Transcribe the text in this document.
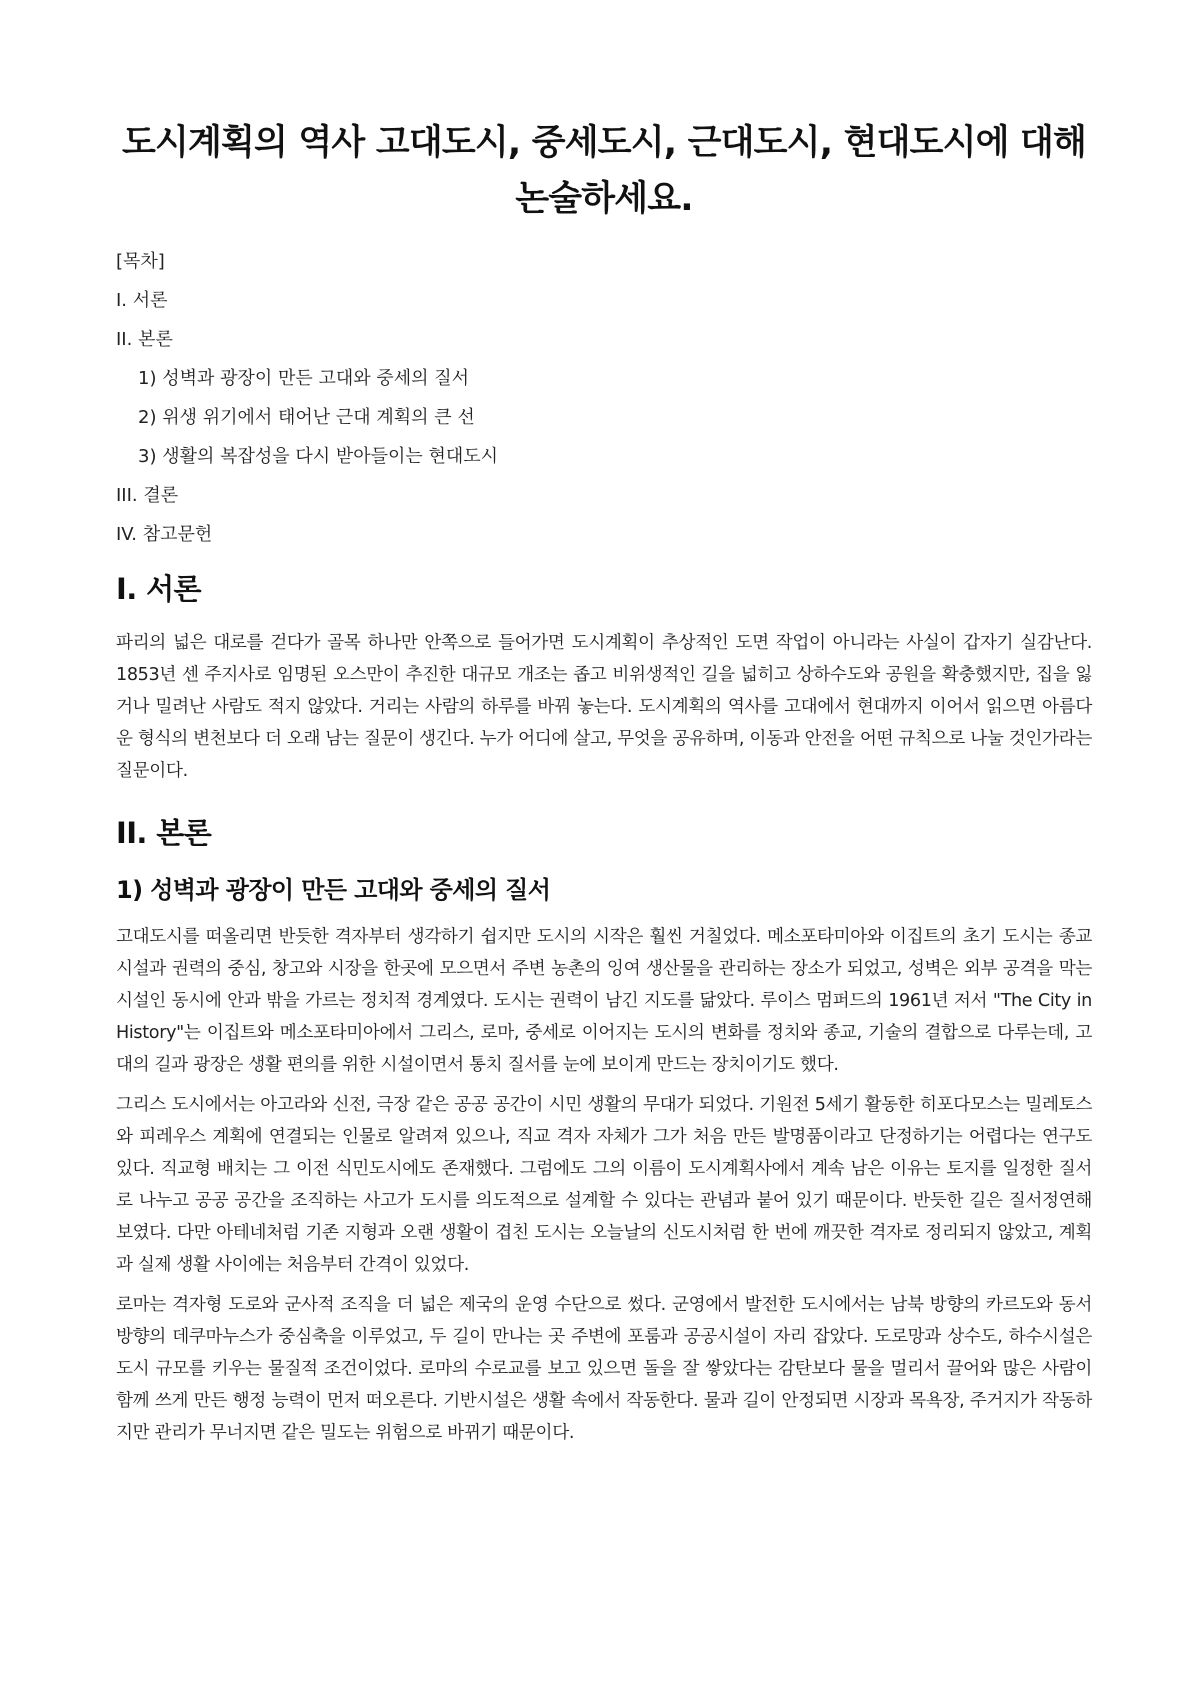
도시계획의 역사 고대도시, 중세도시, 근대도시, 현대도시에 대해 논술하세요.
[목차]
I. 서론
II. 본론
1) 성벽과 광장이 만든 고대와 중세의 질서
2) 위생 위기에서 태어난 근대 계획의 큰 선
3) 생활의 복잡성을 다시 받아들이는 현대도시
III. 결론
IV. 참고문헌
I. 서론

파리의 넓은 대로를 걷다가 골목 하나만 안쪽으로 들어가면 도시계획이 추상적인 도면 작업이 아니라는 사실이 갑자기 실감난다. 1853년 센 주지사로 임명된 오스만이 추진한 대규모 개조는 좁고 비위생적인 길을 넓히고 상하수도와 공원을 확충했지만, 집을 잃거나 밀려난 사람도 적지 않았다. 거리는 사람의 하루를 바꿔 놓는다. 도시계획의 역사를 고대에서 현대까지 이어서 읽으면 아름다운 형식의 변천보다 더 오래 남는 질문이 생긴다. 누가 어디에 살고, 무엇을 공유하며, 이동과 안전을 어떤 규칙으로 나눌 것인가라는 질문이다.

II. 본론
1) 성벽과 광장이 만든 고대와 중세의 질서

고대도시를 떠올리면 반듯한 격자부터 생각하기 쉽지만 도시의 시작은 훨씬 거칠었다. 메소포타미아와 이집트의 초기 도시는 종교 시설과 권력의 중심, 창고와 시장을 한곳에 모으면서 주변 농촌의 잉여 생산물을 관리하는 장소가 되었고, 성벽은 외부 공격을 막는 시설인 동시에 안과 밖을 가르는 정치적 경계였다. 도시는 권력이 남긴 지도를 닮았다. 루이스 멈퍼드의 1961년 저서 "The City in History"는 이집트와 메소포타미아에서 그리스, 로마, 중세로 이어지는 도시의 변화를 정치와 종교, 기술의 결합으로 다루는데, 고대의 길과 광장은 생활 편의를 위한 시설이면서 통치 질서를 눈에 보이게 만드는 장치이기도 했다.

그리스 도시에서는 아고라와 신전, 극장 같은 공공 공간이 시민 생활의 무대가 되었다. 기원전 5세기 활동한 히포다모스는 밀레토스와 피레우스 계획에 연결되는 인물로 알려져 있으나, 직교 격자 자체가 그가 처음 만든 발명품이라고 단정하기는 어렵다는 연구도 있다. 직교형 배치는 그 이전 식민도시에도 존재했다. 그럼에도 그의 이름이 도시계획사에서 계속 남은 이유는 토지를 일정한 질서로 나누고 공공 공간을 조직하는 사고가 도시를 의도적으로 설계할 수 있다는 관념과 붙어 있기 때문이다. 반듯한 길은 질서정연해 보였다. 다만 아테네처럼 기존 지형과 오랜 생활이 겹친 도시는 오늘날의 신도시처럼 한 번에 깨끗한 격자로 정리되지 않았고, 계획과 실제 생활 사이에는 처음부터 간격이 있었다.

로마는 격자형 도로와 군사적 조직을 더 넓은 제국의 운영 수단으로 썼다. 군영에서 발전한 도시에서는 남북 방향의 카르도와 동서 방향의 데쿠마누스가 중심축을 이루었고, 두 길이 만나는 곳 주변에 포룸과 공공시설이 자리 잡았다. 도로망과 상수도, 하수시설은 도시 규모를 키우는 물질적 조건이었다. 로마의 수로교를 보고 있으면 돌을 잘 쌓았다는 감탄보다 물을 멀리서 끌어와 많은 사람이 함께 쓰게 만든 행정 능력이 먼저 떠오른다. 기반시설은 생활 속에서 작동한다. 물과 길이 안정되면 시장과 목욕장, 주거지가 작동하지만 관리가 무너지면 같은 밀도는 위험으로 바뀌기 때문이다.
